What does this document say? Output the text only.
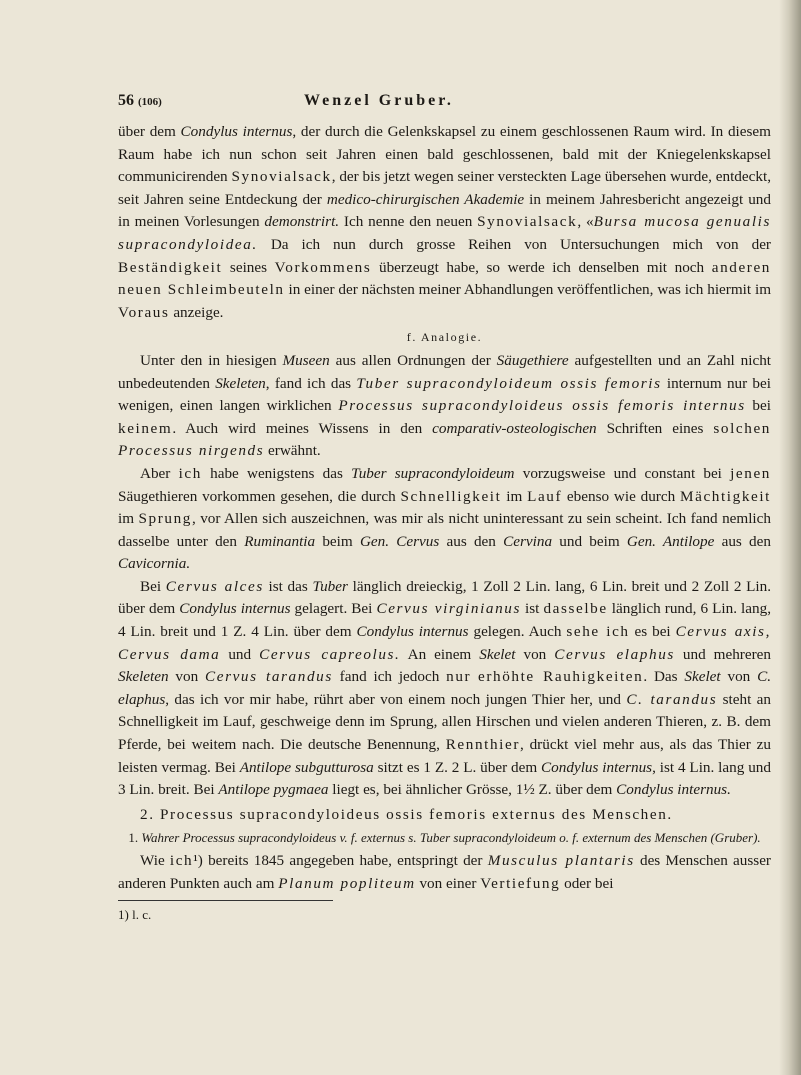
56 (106)	Wenzel Gruber.

über dem Condylus internus, der durch die Gelenkskapsel zu einem geschlossenen Raum wird. In diesem Raum habe ich nun schon seit Jahren einen bald geschlossenen, bald mit der Kniegelenkskapsel communicirenden Synovialsack, der bis jetzt wegen seiner versteckten Lage übersehen wurde, entdeckt, seit Jahren seine Entdeckung der medico-chirurgischen Akademie in meinem Jahresbericht angezeigt und in meinen Vorlesungen demonstrirt. Ich nenne den neuen Synovialsack, «Bursa mucosa genualis supracondyloidea. Da ich nun durch grosse Reihen von Untersuchungen mich von der Beständigkeit seines Vorkommens überzeugt habe, so werde ich denselben mit noch anderen neuen Schleimbeuteln in einer der nächsten meiner Abhandlungen veröffentlichen, was ich hiermit im Voraus anzeige.

f. Analogie.

Unter den in hiesigen Museen aus allen Ordnungen der Säugethiere aufgestellten und an Zahl nicht unbedeutenden Skeleten, fand ich das Tuber supracondyloideum ossis femoris internum nur bei wenigen, einen langen wirklichen Processus supracondyloideus ossis femoris internus bei keinem. Auch wird meines Wissens in den comparativ-osteologischen Schriften eines solchen Processus nirgends erwähnt.

Aber ich habe wenigstens das Tuber supracondyloideum vorzugsweise und constant bei jenen Säugethieren vorkommen gesehen, die durch Schnelligkeit im Lauf ebenso wie durch Mächtigkeit im Sprung, vor Allen sich auszeichnen, was mir als nicht uninteressant zu sein scheint. Ich fand nemlich dasselbe unter den Ruminantia beim Gen. Cervus aus den Cervina und beim Gen. Antilope aus den Cavicornia.

Bei Cervus alces ist das Tuber länglich dreieckig, 1 Zoll 2 Lin. lang, 6 Lin. breit und 2 Zoll 2 Lin. über dem Condylus internus gelagert. Bei Cervus virginianus ist dasselbe länglich rund, 6 Lin. lang, 4 Lin. breit und 1 Z. 4 Lin. über dem Condylus internus gelegen. Auch sehe ich es bei Cervus axis, Cervus dama und Cervus capreolus. An einem Skelet von Cervus elaphus und mehreren Skeleten von Cervus tarandus fand ich jedoch nur erhöhte Rauhigkeiten. Das Skelet von C. elaphus, das ich vor mir habe, rührt aber von einem noch jungen Thier her, und C. tarandus steht an Schnelligkeit im Lauf, geschweige denn im Sprung, allen Hirschen und vielen anderen Thieren, z. B. dem Pferde, bei weitem nach. Die deutsche Benennung, Rennthier, drückt viel mehr aus, als das Thier zu leisten vermag. Bei Antilope subgutturosa sitzt es 1 Z. 2 L. über dem Condylus internus, ist 4 Lin. lang und 3 Lin. breit. Bei Antilope pygmaea liegt es, bei ähnlicher Grösse, 1½ Z. über dem Condylus internus.

2. Processus supracondyloideus ossis femoris externus des Menschen.

1. Wahrer Processus supracondyloideus v. f. externus s. Tuber supracondyloideum o. f. externum des Menschen (Gruber).

Wie ich¹) bereits 1845 angegeben habe, entspringt der Musculus plantaris des Menschen ausser anderen Punkten auch am Planum popliteum von einer Vertiefung oder bei

1) l. c.
